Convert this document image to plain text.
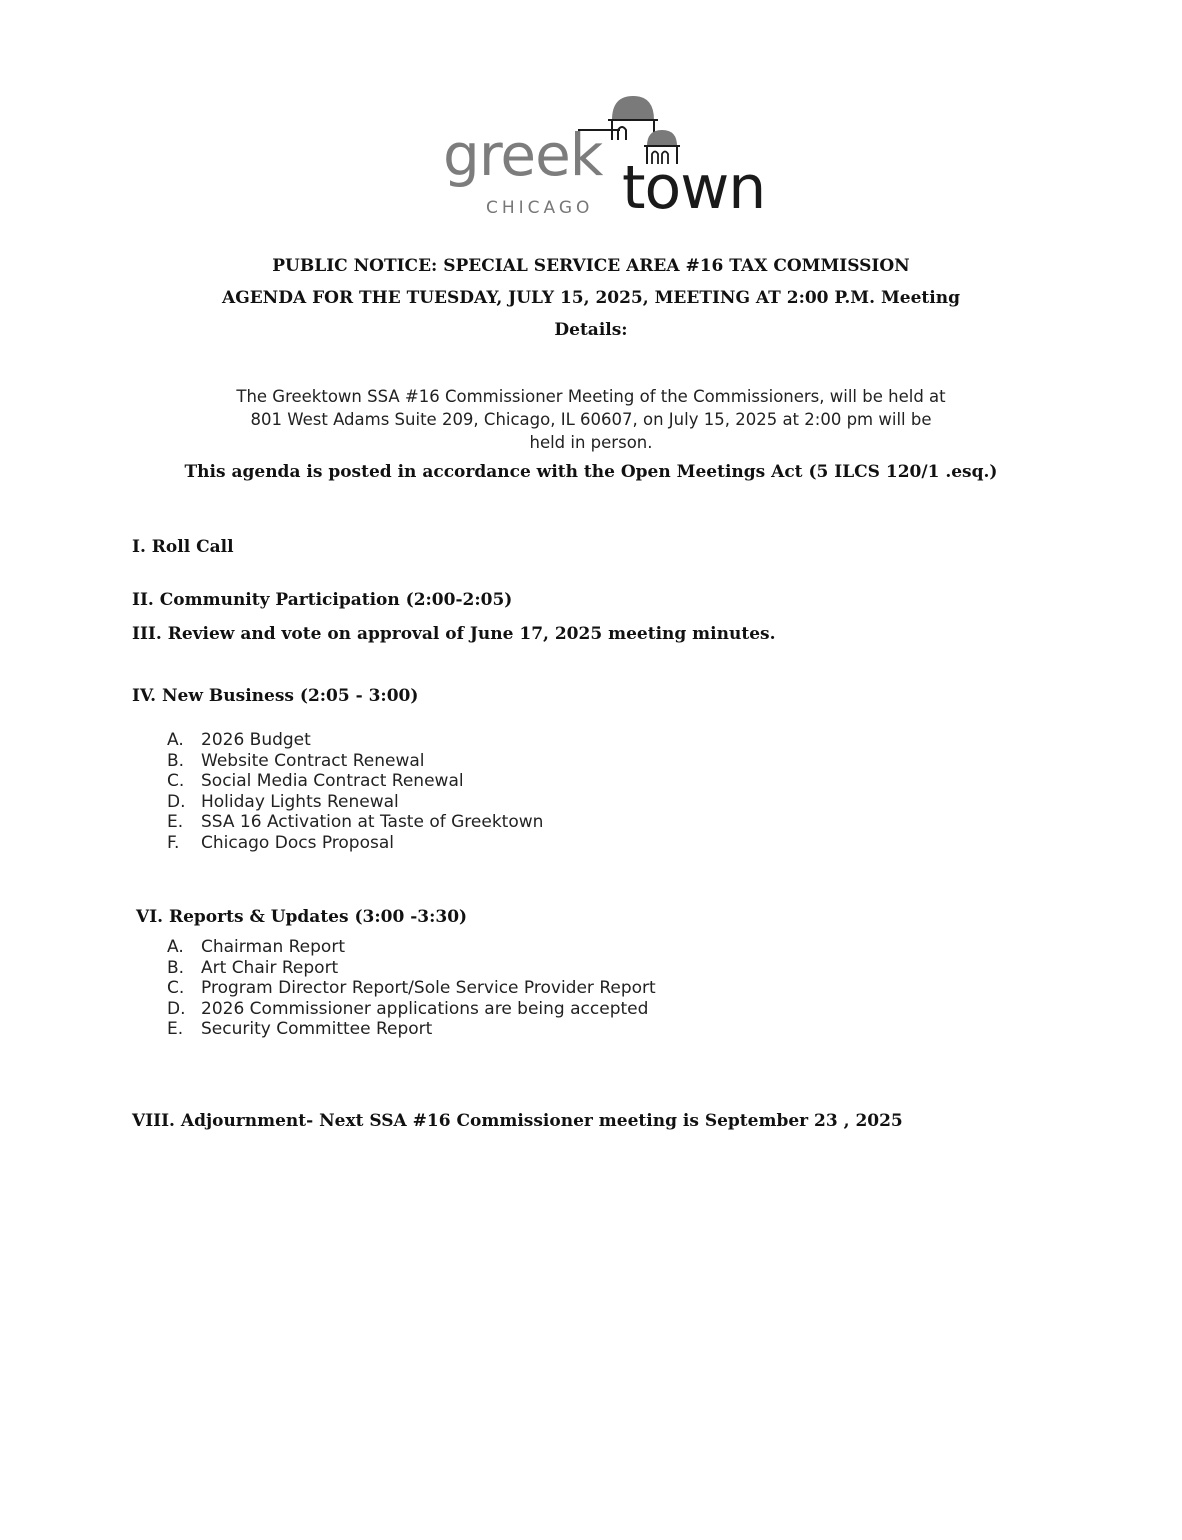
greek town
CHICAGO
PUBLIC NOTICE: SPECIAL SERVICE AREA #16 TAX COMMISSION
AGENDA FOR THE TUESDAY, JULY 15, 2025, MEETING AT 2:00 P.M. Meeting
Details:
The Greektown SSA #16 Commissioner Meeting of the Commissioners, will be held at
801 West Adams Suite 209, Chicago, IL 60607, on July 15, 2025 at 2:00 pm will be
held in person.
This agenda is posted in accordance with the Open Meetings Act (5 ILCS 120/1 .esq.)
I. Roll Call
II. Community Participation (2:00-2:05)
III. Review and vote on approval of June 17, 2025 meeting minutes.
IV. New Business (2:05 - 3:00)
A. 2026 Budget
B. Website Contract Renewal
C. Social Media Contract Renewal
D. Holiday Lights Renewal
E. SSA 16 Activation at Taste of Greektown
F. Chicago Docs Proposal
VI. Reports & Updates (3:00 -3:30)
A. Chairman Report
B. Art Chair Report
C. Program Director Report/Sole Service Provider Report
D. 2026 Commissioner applications are being accepted
E. Security Committee Report
VIII. Adjournment- Next SSA #16 Commissioner meeting is September 23 , 2025
